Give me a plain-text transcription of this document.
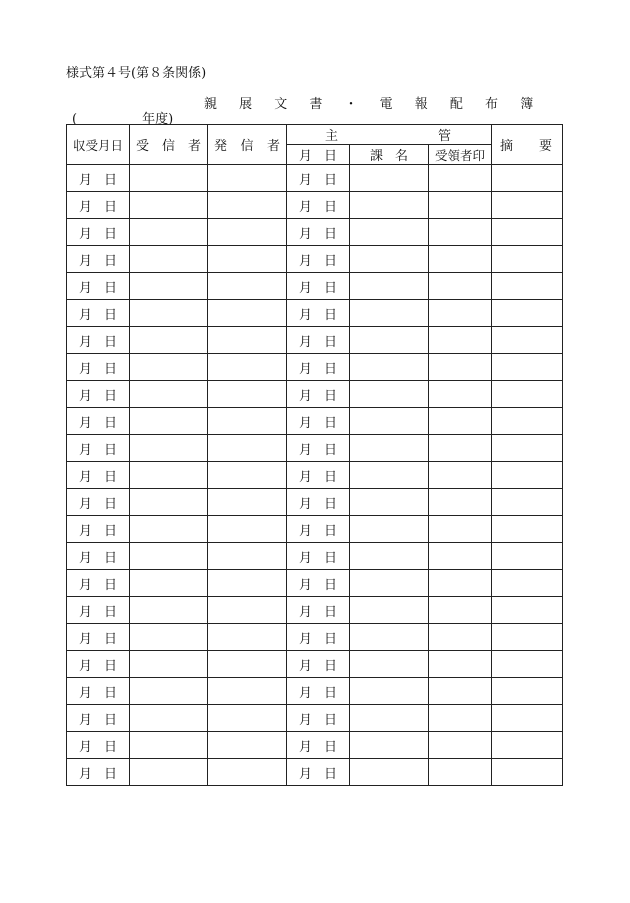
様式第４号(第８条関係)
親 展 文 書 ・ 電 報 配 布 簿
(　　　　　年度)
収受月日	受 信 者	発 信 者	主 管			摘 要

			月 日	課 名	受領者印	

月 日			月 日			
月 日			月 日			
月 日			月 日			
月 日			月 日			
月 日			月 日			
月 日			月 日			
月 日			月 日			
月 日			月 日			
月 日			月 日			
月 日			月 日			
月 日			月 日			
月 日			月 日			
月 日			月 日			
月 日			月 日			
月 日			月 日			
月 日			月 日			
月 日			月 日			
月 日			月 日			
月 日			月 日			
月 日			月 日			
月 日			月 日			
月 日			月 日			
月 日			月 日			
